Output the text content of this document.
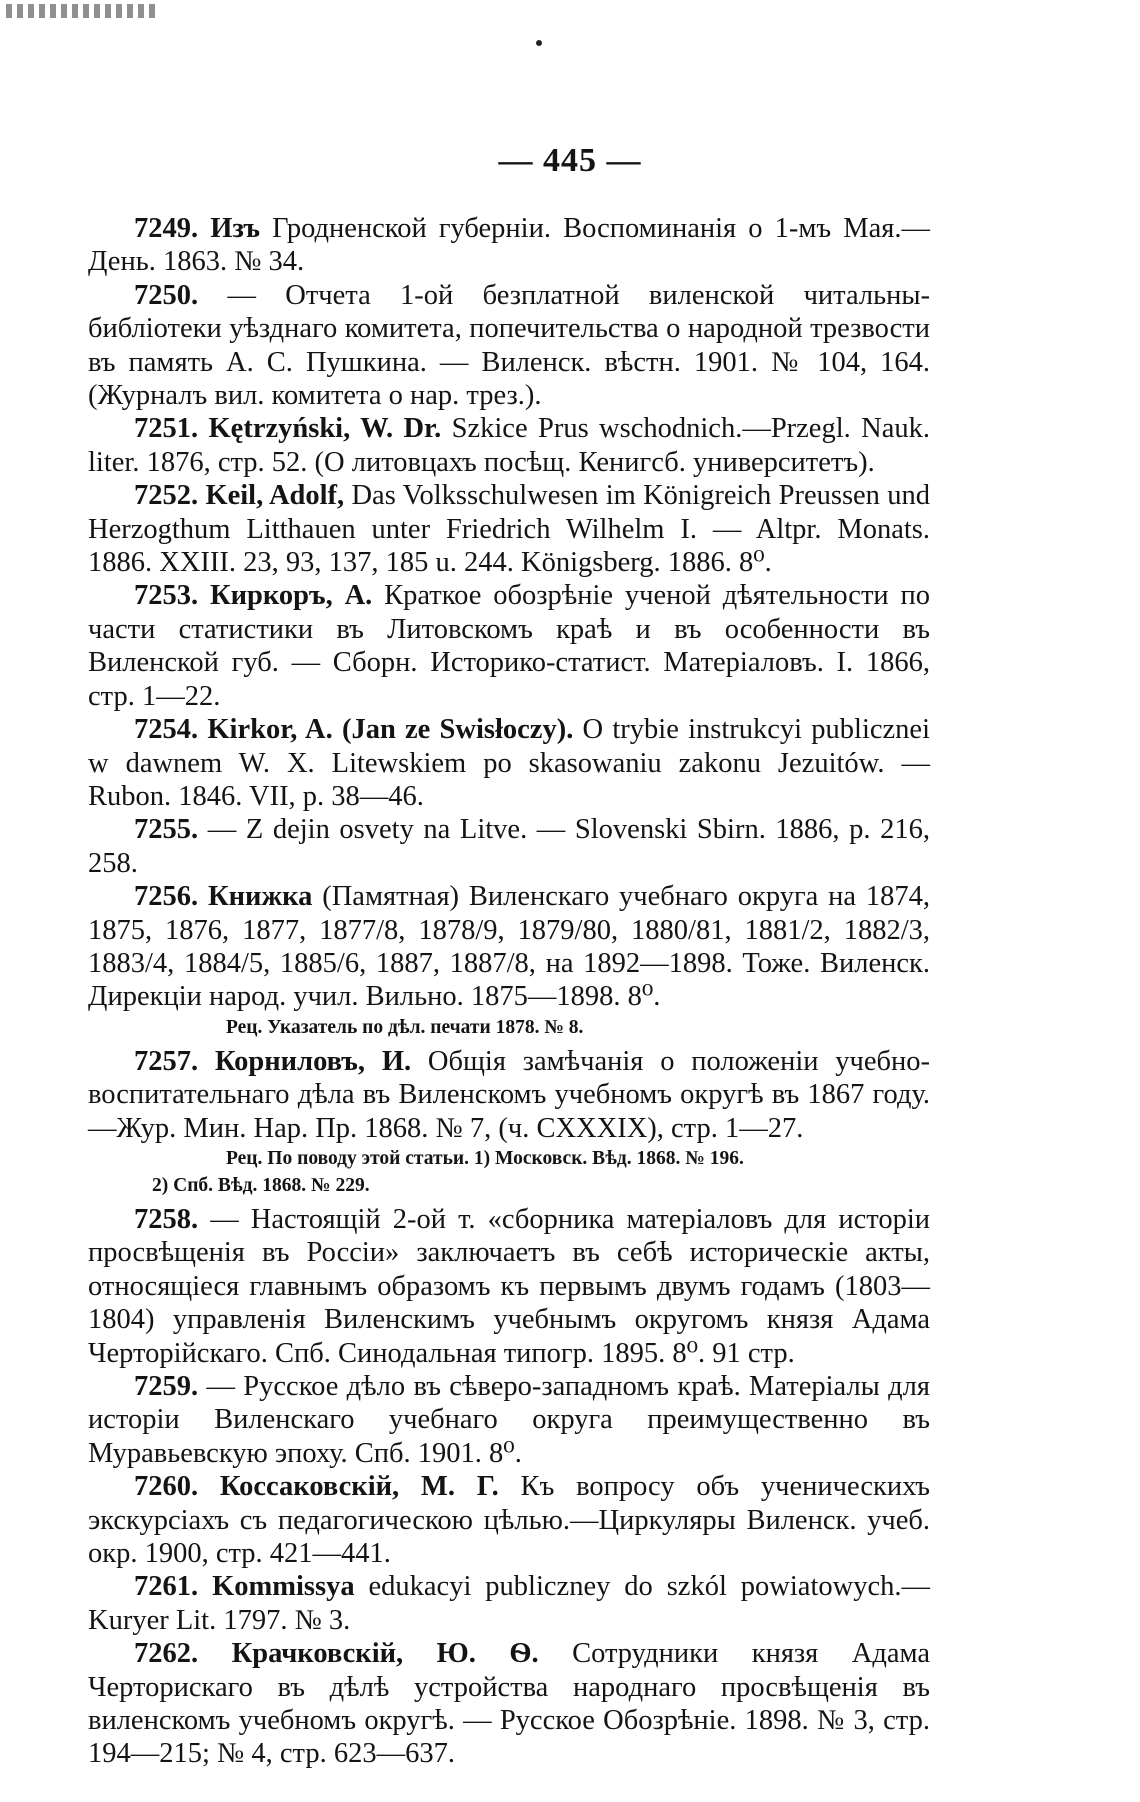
— 445 —

7249. Изъ Гродненской губерніи. Воспоминанія о 1-мъ Мая.— День. 1863. № 34.

7250. — Отчета 1-ой безплатной виленской читальны-библіотеки уѣзднаго комитета, попечительства о народной трезвости въ память А. С. Пушкина. — Виленск. вѣстн. 1901. № 104, 164. (Журналъ вил. комитета о нар. трез.).

7251. Kętrzyński, W. Dr. Szkice Prus wschodnich.—Przegl. Nauk. liter. 1876, стр. 52. (О литовцахъ посѣщ. Кенигсб. университетъ).

7252. Keil, Adolf, Das Volksschulwesen im Königreich Preussen und Herzogthum Litthauen unter Friedrich Wilhelm I. — Altpr. Monats. 1886. XXIII. 23, 93, 137, 185 u. 244. Königsberg. 1886. 8⁰.

7253. Киркоръ, А. Краткое обозрѣніе ученой дѣятельности по части статистики въ Литовскомъ краѣ и въ особенности въ Виленской губ. — Сборн. Историко-статист. Матеріаловъ. I. 1866, стр. 1—22.

7254. Kirkor, A. (Jan ze Swisłoczy). O trybie instrukcyi publicznei w dawnem W. X. Litewskiem po skasowaniu zakonu Jezuitów. — Rubon. 1846. VII, p. 38—46.

7255. — Z dejin osvety na Litve. — Slovenski Sbirn. 1886, p. 216, 258.

7256. Книжка (Памятная) Виленскаго учебнаго округа на 1874, 1875, 1876, 1877, 1877/8, 1878/9, 1879/80, 1880/81, 1881/2, 1882/3, 1883/4, 1884/5, 1885/6, 1887, 1887/8, на 1892—1898. Тоже. Виленск. Дирекціи народ. учил. Вильно. 1875—1898. 8⁰.

Рец. Указатель по дѣл. печати 1878. № 8.

7257. Корниловъ, И. Общія замѣчанія о положеніи учебно-воспитательнаго дѣла въ Виленскомъ учебномъ округѣ въ 1867 году.—Жур. Мин. Нар. Пр. 1868. № 7, (ч. CXXXIX), стр. 1—27.

Рец. По поводу этой статьи. 1) Московск. Вѣд. 1868. № 196.
2) Спб. Вѣд. 1868. № 229.

7258. — Настоящій 2-ой т. «сборника матеріаловъ для исторіи просвѣщенія въ Россіи» заключаетъ въ себѣ историческіе акты, относящіеся главнымъ образомъ къ первымъ двумъ годамъ (1803—1804) управленія Виленскимъ учебнымъ округомъ князя Адама Черторійскаго. Спб. Синодальная типогр. 1895. 8⁰. 91 стр.

7259. — Русское дѣло въ сѣверо-западномъ краѣ. Матеріалы для исторіи Виленскаго учебнаго округа преимущественно въ Муравьевскую эпоху. Спб. 1901. 8⁰.

7260. Коссаковскій, М. Г. Къ вопросу объ ученическихъ экскурсіахъ съ педагогическою цѣлью.—Циркуляры Виленск. учеб. окр. 1900, стр. 421—441.

7261. Kommissya edukacyi publiczney do szkól powiatowych.— Kuryer Lit. 1797. № 3.

7262. Крачковскій, Ю. Ѳ. Сотрудники князя Адама Черторискаго въ дѣлѣ устройства народнаго просвѣщенія въ виленскомъ учебномъ округѣ. — Русское Обозрѣніе. 1898. № 3, стр. 194—215; № 4, стр. 623—637.
